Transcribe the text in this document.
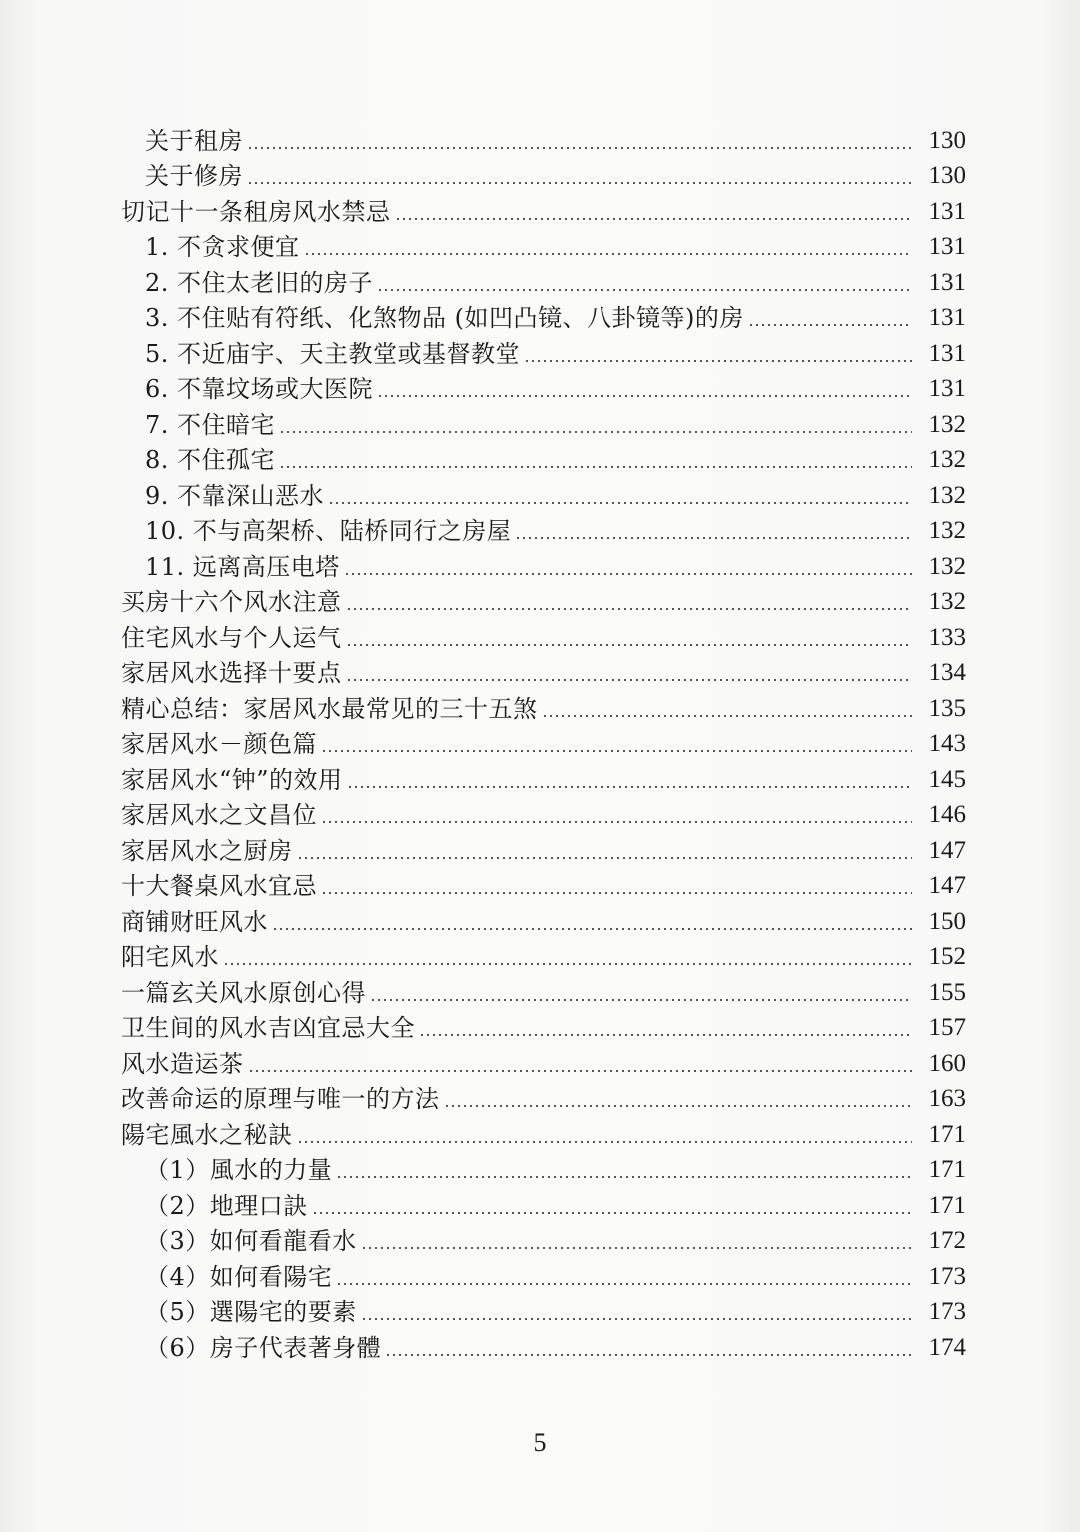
关于租房	130
关于修房	130
切记十一条租房风水禁忌	131
1. 不贪求便宜	131
2. 不住太老旧的房子	131
3. 不住贴有符纸、化煞物品 (如凹凸镜、八卦镜等)的房	131
5. 不近庙宇、天主教堂或基督教堂	131
6. 不靠坟场或大医院	131
7. 不住暗宅	132
8. 不住孤宅	132
9. 不靠深山恶水	132
10. 不与高架桥、陆桥同行之房屋	132
11. 远离高压电塔	132
买房十六个风水注意	132
住宅风水与个人运气	133
家居风水选择十要点	134
精心总结：家居风水最常见的三十五煞	135
家居风水－颜色篇	143
家居风水“钟”的效用	145
家居风水之文昌位	146
家居风水之厨房	147
十大餐桌风水宜忌	147
商铺财旺风水	150
阳宅风水	152
一篇玄关风水原创心得	155
卫生间的风水吉凶宜忌大全	157
风水造运茶	160
改善命运的原理与唯一的方法	163
陽宅風水之秘訣	171
（1）風水的力量	171
（2）地理口訣	171
（3）如何看龍看水	172
（4）如何看陽宅	173
（5）選陽宅的要素	173
（6）房子代表著身體	174
5
